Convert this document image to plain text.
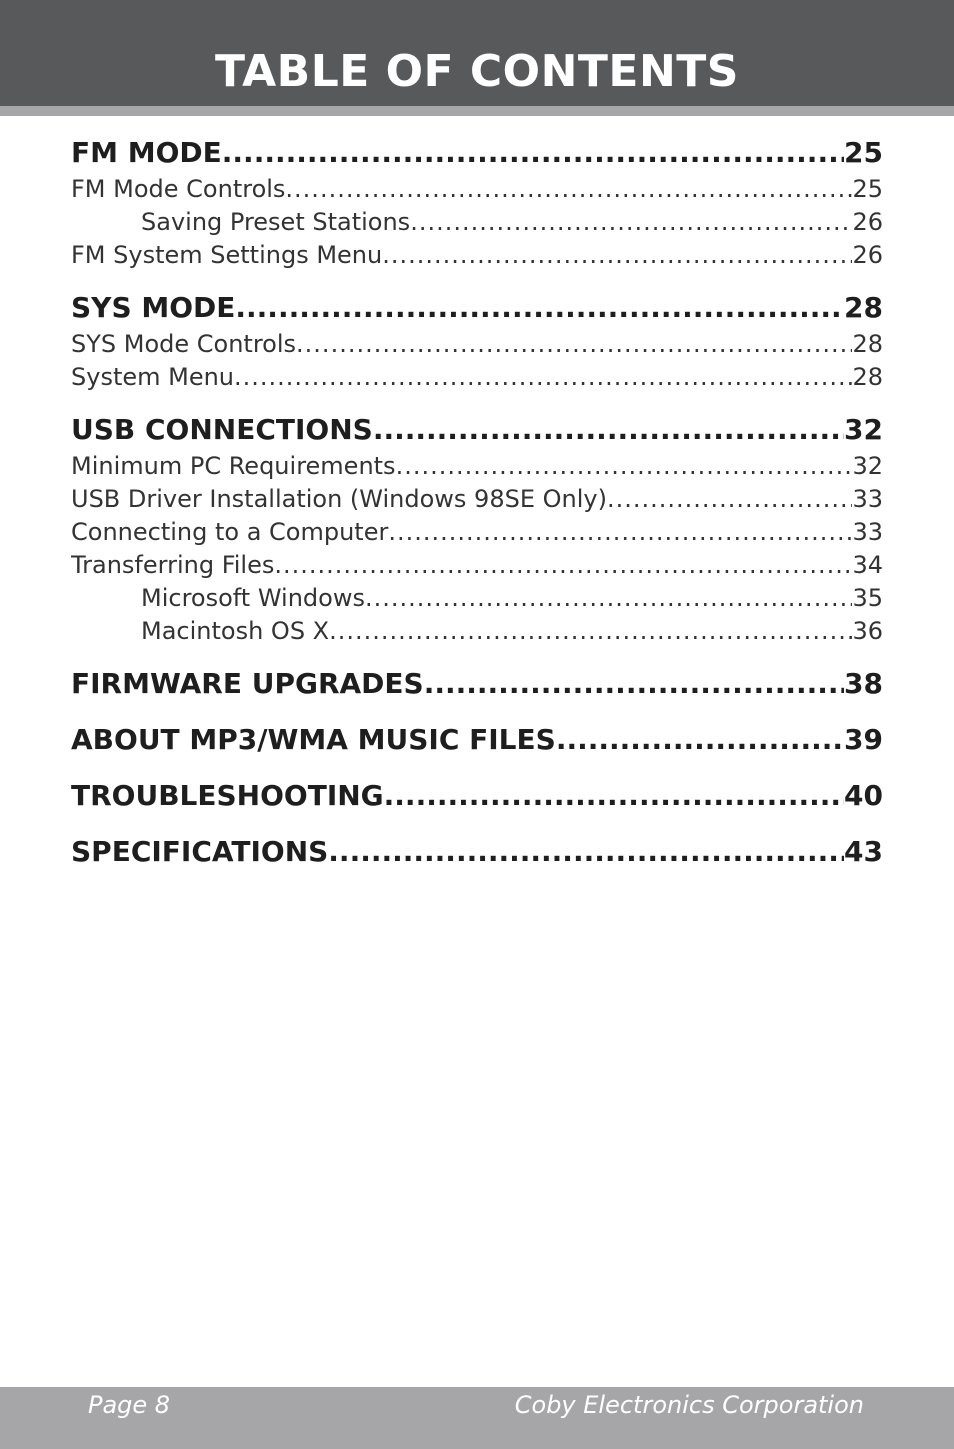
TABLE OF CONTENTS
FM MODE .....	25
FM Mode Controls .....	25
Saving Preset Stations .....	26
FM System Settings Menu .....	26
SYS MODE .....	28
SYS Mode Controls .....	28
System Menu .....	28
USB CONNECTIONS .....	32
Minimum PC Requirements .....	32
USB Driver Installation (Windows 98SE Only) .....	33
Connecting to a Computer .....	33
Transferring Files .....	34
Microsoft Windows .....	35
Macintosh OS X .....	36
FIRMWARE UPGRADES .....	38
ABOUT MP3/WMA MUSIC FILES .....	39
TROUBLESHOOTING .....	40
SPECIFICATIONS .....	43
Page 8	Coby Electronics Corporation
